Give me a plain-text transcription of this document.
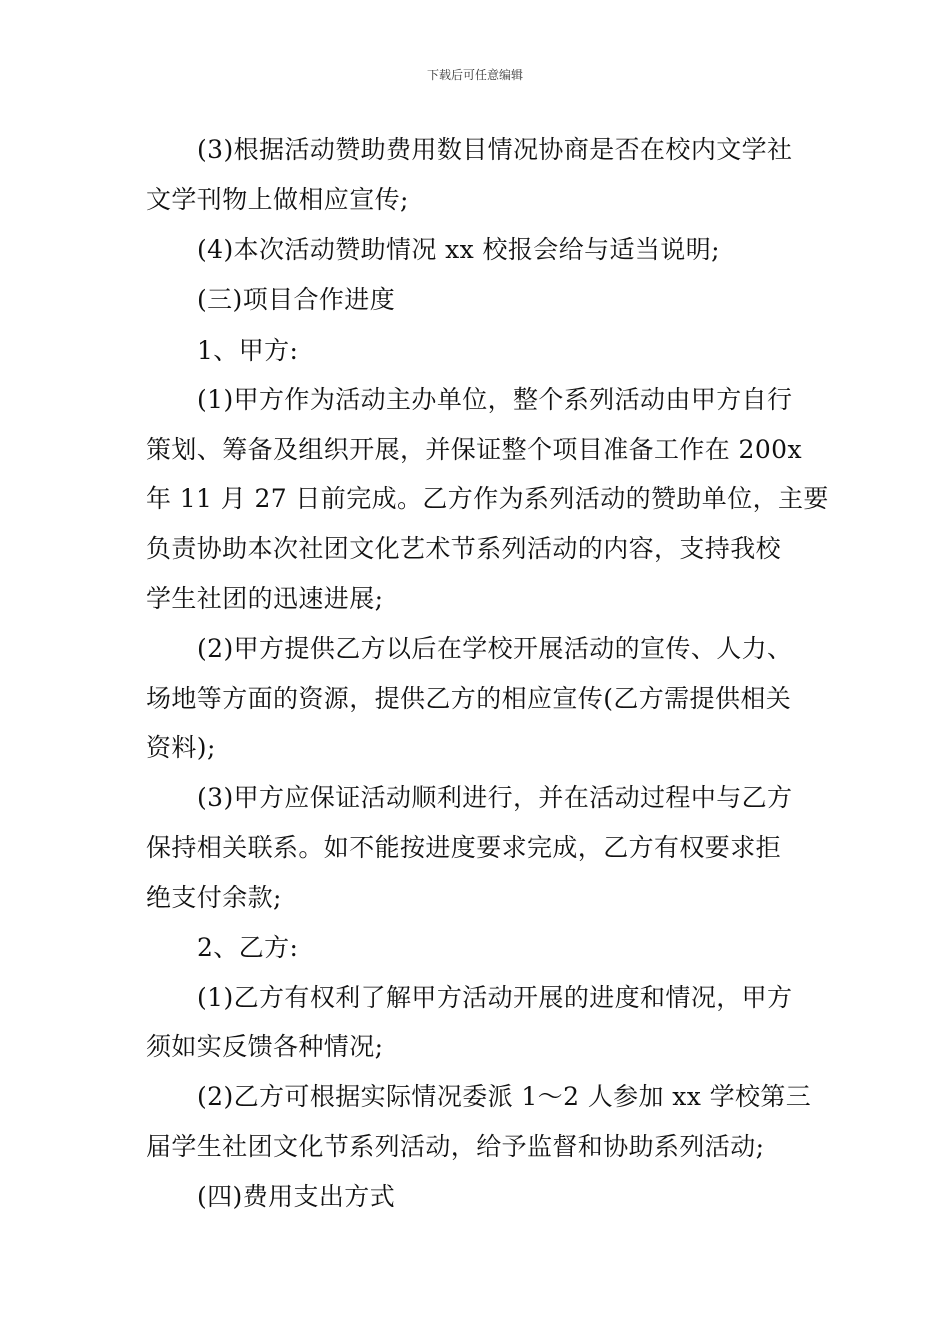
下载后可任意编辑
(3)根据活动赞助费用数目情况协商是否在校内文学社
文学刊物上做相应宣传;
(4)本次活动赞助情况 xx 校报会给与适当说明;
(三)项目合作进度
1、甲方:
(1)甲方作为活动主办单位，整个系列活动由甲方自行
策划、筹备及组织开展，并保证整个项目准备工作在 200x
年 11 月 27 日前完成。乙方作为系列活动的赞助单位，主要
负责协助本次社团文化艺术节系列活动的内容，支持我校
学生社团的迅速进展;
(2)甲方提供乙方以后在学校开展活动的宣传、人力、
场地等方面的资源，提供乙方的相应宣传(乙方需提供相关
资料);
(3)甲方应保证活动顺利进行，并在活动过程中与乙方
保持相关联系。如不能按进度要求完成，乙方有权要求拒
绝支付余款;
2、乙方:
(1)乙方有权利了解甲方活动开展的进度和情况，甲方
须如实反馈各种情况;
(2)乙方可根据实际情况委派 1～2 人参加 xx 学校第三
届学生社团文化节系列活动，给予监督和协助系列活动;
(四)费用支出方式
